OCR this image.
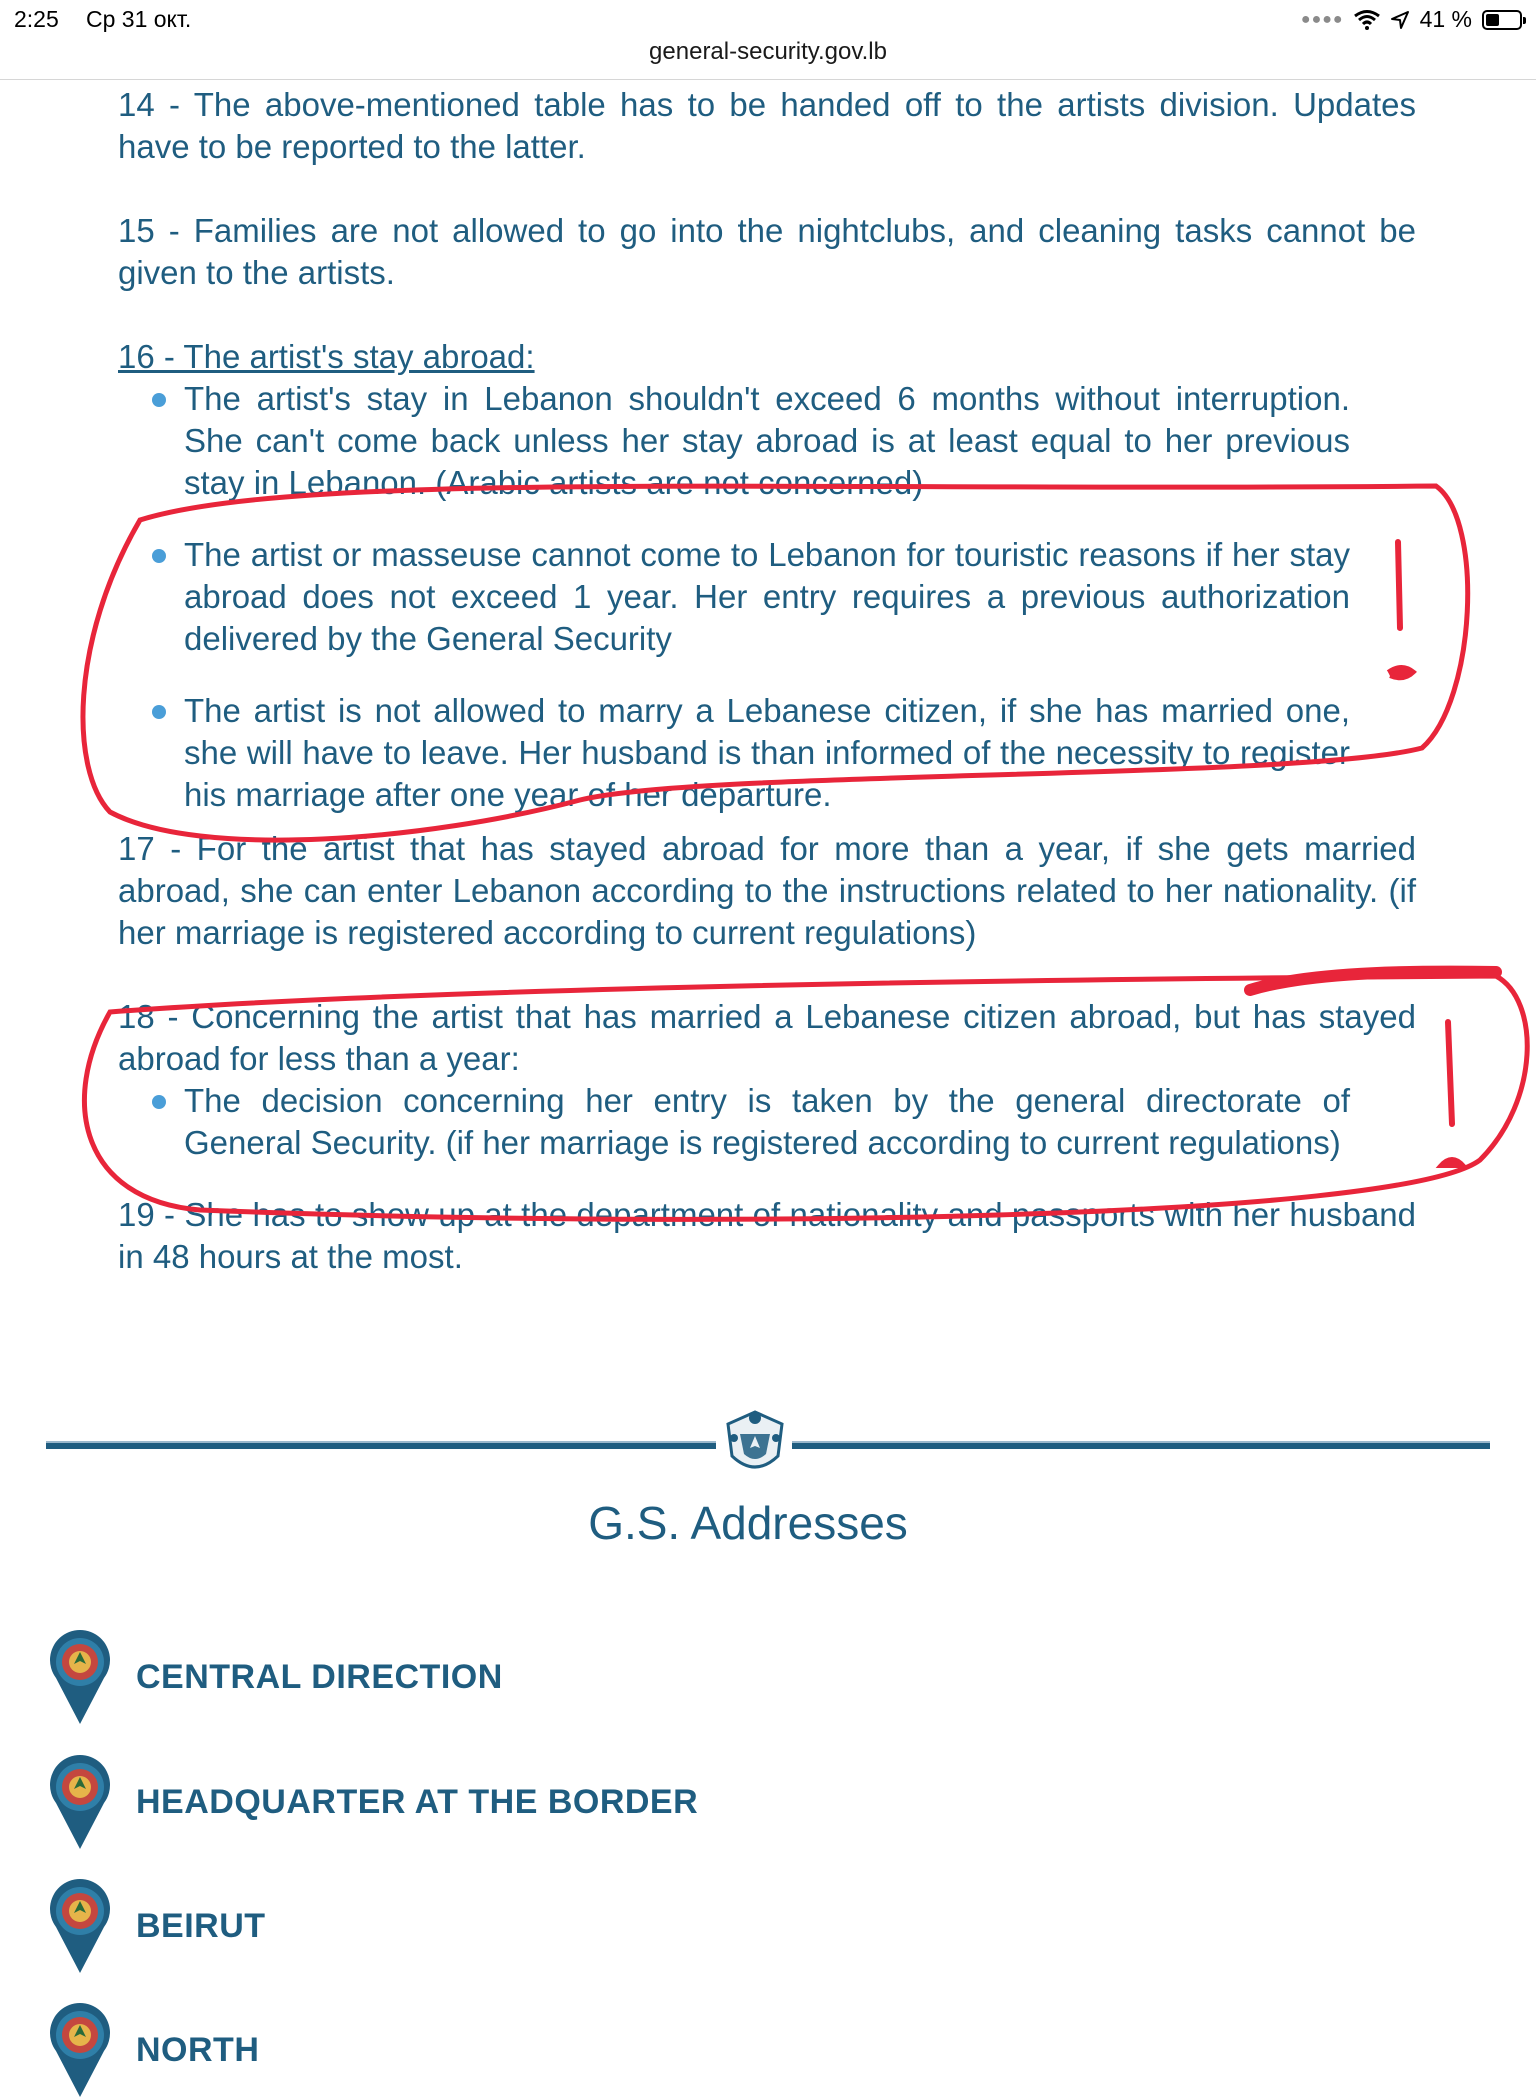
2:25 Ср 31 окт.	●●●●	41 %
general-security.gov.lb

14 - The above-mentioned table has to be handed off to the artists division. Updates have to be reported to the latter.

15 - Families are not allowed to go into the nightclubs, and cleaning tasks cannot be given to the artists.

16 - The artist's stay abroad:

The artist's stay in Lebanon shouldn't exceed 6 months without interruption. She can't come back unless her stay abroad is at least equal to her previous stay in Lebanon. (Arabic artists are not concerned)
The artist or masseuse cannot come to Lebanon for touristic reasons if her stay abroad does not exceed 1 year. Her entry requires a previous authorization delivered by the General Security
The artist is not allowed to marry a Lebanese citizen, if she has married one, she will have to leave. Her husband is than informed of the necessity to register his marriage after one year of her departure.

17 - For the artist that has stayed abroad for more than a year, if she gets married abroad, she can enter Lebanon according to the instructions related to her nationality. (if her marriage is registered according to current regulations)

18 - Concerning the artist that has married a Lebanese citizen abroad, but has stayed abroad for less than a year:

The decision concerning her entry is taken by the general directorate of General Security. (if her marriage is registered according to current regulations)

19 - She has to show up at the department of nationality and passports with her husband in 48 hours at the most.

G.S. Addresses
CENTRAL DIRECTION
HEADQUARTER AT THE BORDER
BEIRUT
NORTH
